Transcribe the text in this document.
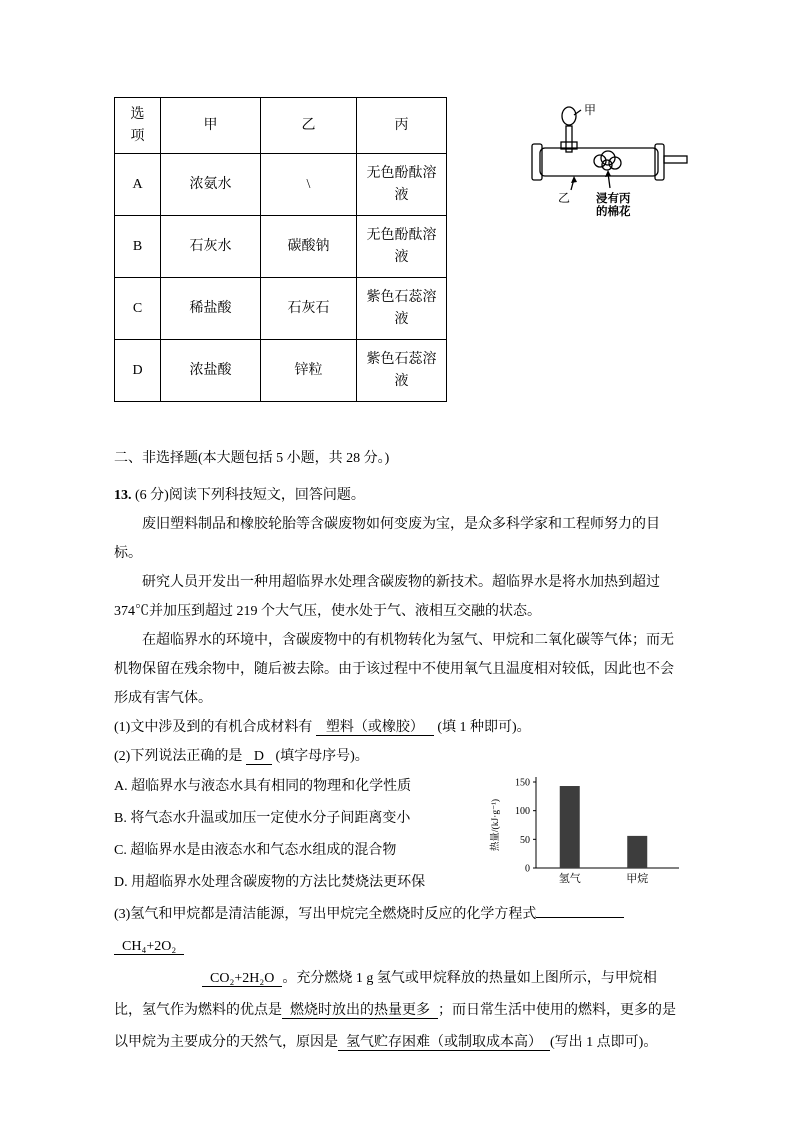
选项	甲	乙	丙
A	浓氨水	\	无色酚酞溶液
B	石灰水	碳酸钠	无色酚酞溶液
C	稀盐酸	石灰石	紫色石蕊溶液
D	浓盐酸	锌粒	紫色石蕊溶液
甲
乙 浸有丙
的棉花
二、非选择题(本大题包括 5 小题，共 28 分。)
13. (6 分)阅读下列科技短文，回答问题。
废旧塑料制品和橡胶轮胎等含碳废物如何变废为宝，是众多科学家和工程师努力的目标。
研究人员开发出一种用超临界水处理含碳废物的新技术。超临界水是将水加热到超过374℃并加压到超过 219 个大气压，使水处于气、液相互交融的状态。
在超临界水的环境中，含碳废物中的有机物转化为氢气、甲烷和二氧化碳等气体；而无机物保留在残余物中，随后被去除。由于该过程中不使用氧气且温度相对较低，因此也不会形成有害气体。
(1)文中涉及到的有机合成材料有 塑料（或橡胶） (填 1 种即可)。
(2)下列说法正确的是 D (填字母序号)。
A. 超临界水与液态水具有相同的物理和化学性质
B. 将气态水升温或加压一定使水分子间距离变小
C. 超临界水是由液态水和气态水组成的混合物
D. 用超临界水处理含碳废物的方法比焚烧法更环保
(3)氢气和甲烷都是清洁能源，写出甲烷完全燃烧时反应的化学方程式CH₄+2O₂
CO₂+2H₂O 。充分燃烧 1 g 氢气或甲烷释放的热量如上图所示，与甲烷相比，氢气作为燃料的优点是 燃烧时放出的热量更多 ；而日常生活中使用的燃料，更多的是以甲烷为主要成分的天然气，原因是 氢气贮存困难（或制取成本高） (写出 1 点即可)。
0
50
100
150
氢气	甲烷
热量/(kJ·g⁻¹)
